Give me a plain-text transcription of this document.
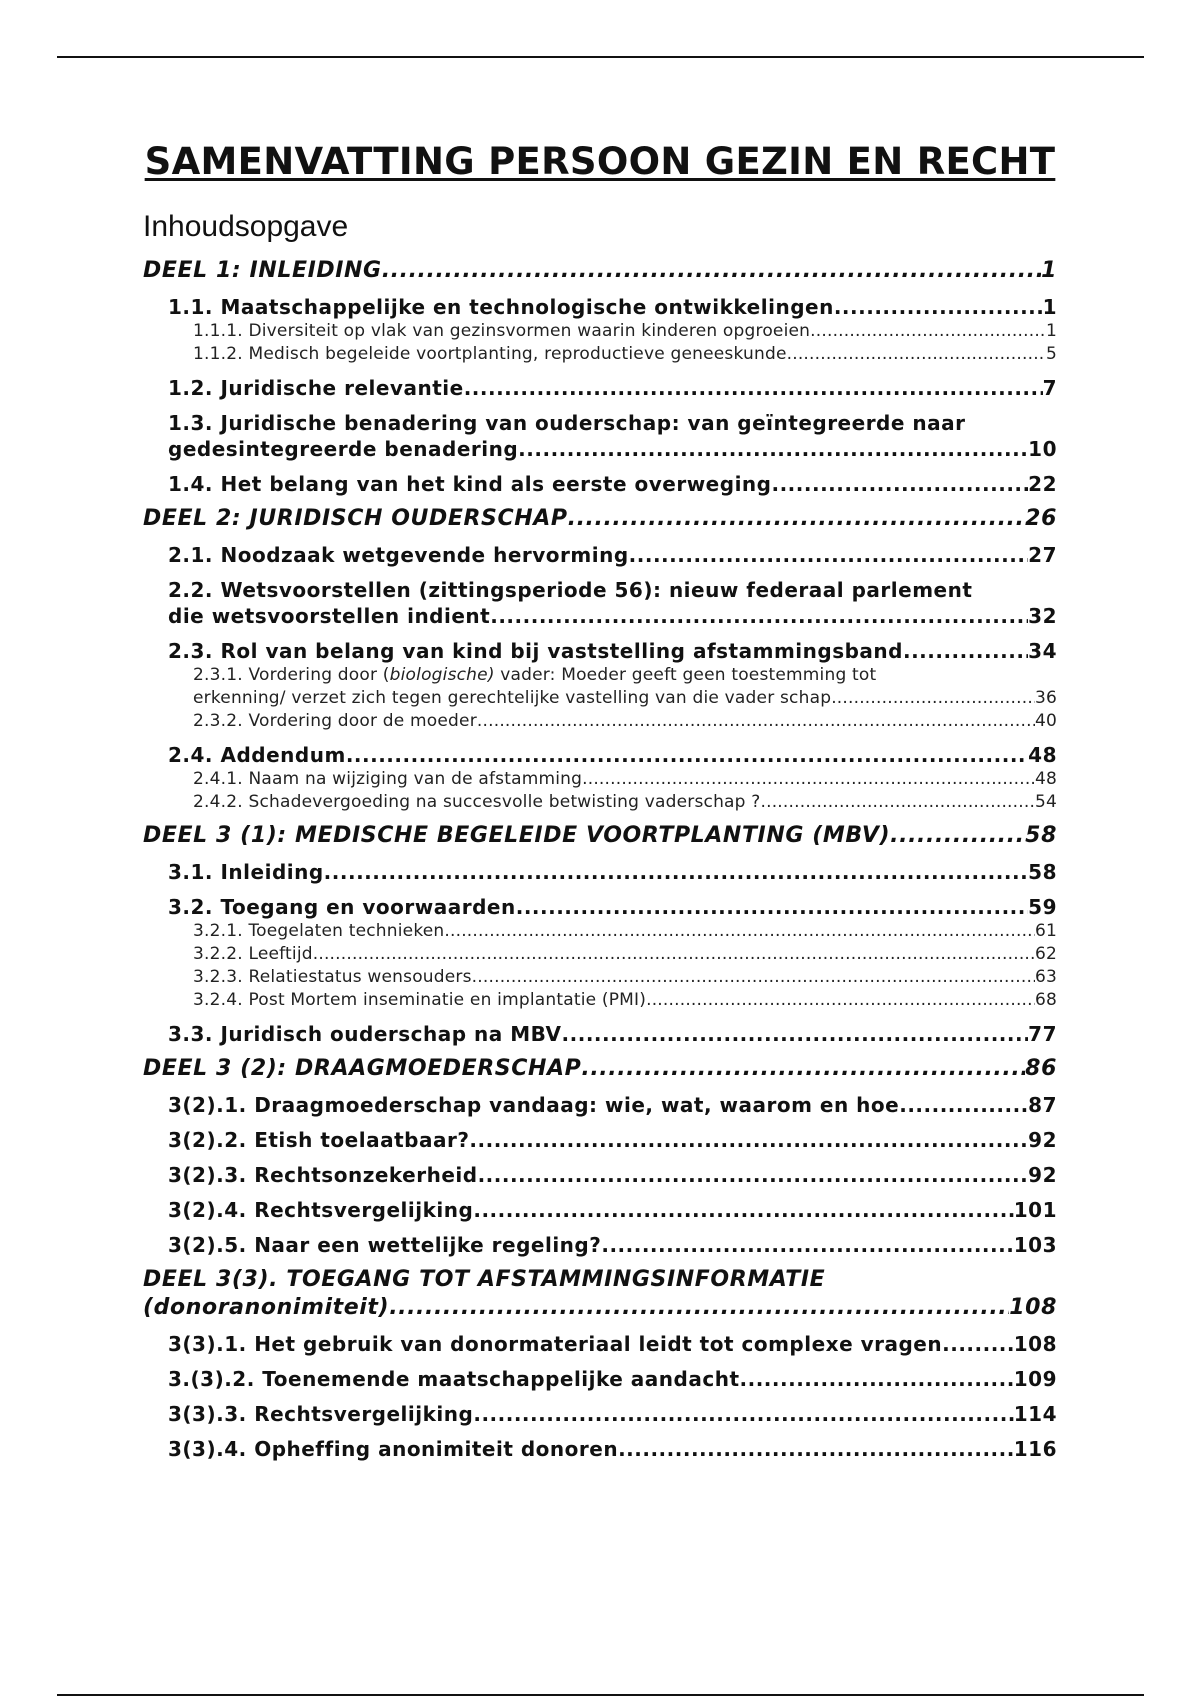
SAMENVATTING PERSOON GEZIN EN RECHT
Inhoudsopgave
DEEL 1: INLEIDING .....	1
1.1. Maatschappelijke en technologische ontwikkelingen .....	1
1.1.1. Diversiteit op vlak van gezinsvormen waarin kinderen opgroeien. .....	1
1.1.2. Medisch begeleide voortplanting, reproductieve geneeskunde .....	5
1.2. Juridische relevantie .....	7
1.3. Juridische benadering van ouderschap: van geïntegreerde naar
gedesintegreerde benadering .....	10
1.4. Het belang van het kind als eerste overweging .....	22
DEEL 2: JURIDISCH OUDERSCHAP .....	26
2.1. Noodzaak wetgevende hervorming .....	27
2.2. Wetsvoorstellen (zittingsperiode 56): nieuw federaal parlement
die wetsvoorstellen indient .....	32
2.3. Rol van belang van kind bij vaststelling afstammingsband .....	34
2.3.1. Vordering door (biologische) vader: Moeder geeft geen toestemming tot
erkenning/ verzet zich tegen gerechtelijke vastelling van die vader schap .....	36
2.3.2. Vordering door de moeder .....	40
2.4. Addendum .....	48
2.4.1. Naam na wijziging van de afstamming .....	48
2.4.2. Schadevergoeding na succesvolle betwisting vaderschap ? .....	54
DEEL 3 (1): MEDISCHE BEGELEIDE VOORTPLANTING (MBV) .....	58
3.1. Inleiding .....	58
3.2. Toegang en voorwaarden .....	59
3.2.1. Toegelaten technieken .....	61
3.2.2. Leeftijd .....	62
3.2.3. Relatiestatus wensouders .....	63
3.2.4. Post Mortem inseminatie en implantatie (PMI) .....	68
3.3. Juridisch ouderschap na MBV .....	77
DEEL 3 (2): DRAAGMOEDERSCHAP .....	86
3(2).1. Draagmoederschap vandaag: wie, wat, waarom en hoe .....	87
3(2).2. Etish toelaatbaar? .....	92
3(2).3. Rechtsonzekerheid .....	92
3(2).4. Rechtsvergelijking .....	101
3(2).5. Naar een wettelijke regeling? .....	103
DEEL 3(3). TOEGANG TOT AFSTAMMINGSINFORMATIE
(donoranonimiteit) .....	108
3(3).1. Het gebruik van donormateriaal leidt tot complexe vragen. .....	108
3.(3).2. Toenemende maatschappelijke aandacht .....	109
3(3).3. Rechtsvergelijking .....	114
3(3).4. Opheffing anonimiteit donoren .....	116
